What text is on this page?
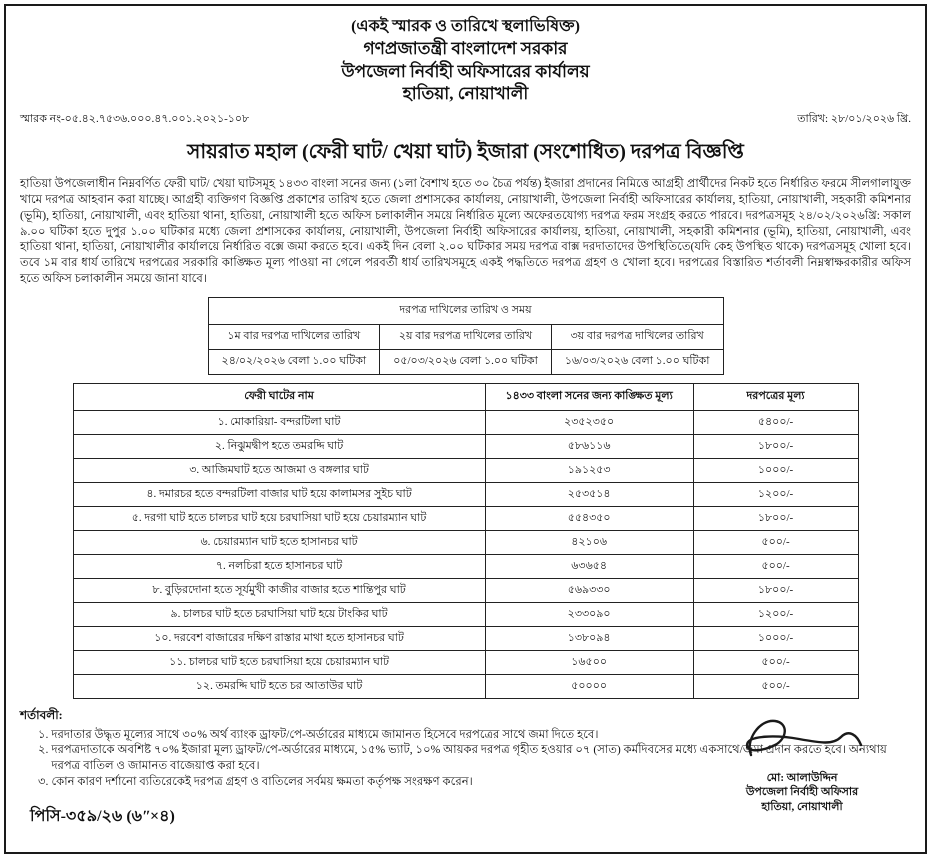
(একই স্মারক ও তারিখে স্থলাভিষিক্ত)
গণপ্রজাতন্ত্রী বাংলাদেশ সরকার
উপজেলা নির্বাহী অফিসারের কার্যালয়
হাতিয়া, নোয়াখালী
স্মারক নং-০৫.৪২.৭৫৩৬.০০০.৪৭.০০১.২০২১-১০৮	তারিখ: ২৮/০১/২০২৬ খ্রি.
সায়রাত মহাল (ফেরী ঘাট/ খেয়া ঘাট) ইজারা (সংশোধিত) দরপত্র বিজ্ঞপ্তি
হাতিয়া উপজেলাধীন নিম্নবর্ণিত ফেরী ঘাট/ খেয়া ঘাটসমূহ ১৪৩৩ বাংলা সনের জন্য (১লা বৈশাখ হতে ৩০ চৈত্র পর্যন্ত) ইজারা প্রদানের নিমিত্তে আগ্রহী প্রার্থীদের নিকট হতে নির্ধারিত ফরমে সীলগালাযুক্ত খামে দরপত্র আহবান করা যাচ্ছে। আগ্রহী ব্যক্তিগণ বিজ্ঞপ্তি প্রকাশের তারিখ হতে জেলা প্রশাসকের কার্যালয়, নোয়াখালী, উপজেলা নির্বাহী অফিসারের কার্যালয়, হাতিয়া, নোয়াখালী, সহকারী কমিশনার (ভূমি), হাতিয়া, নোয়াখালী, এবং হাতিয়া থানা, হাতিয়া, নোয়াখালী হতে অফিস চলাকালীন সময়ে নির্ধারিত মূল্যে অফেরতযোগ্য দরপত্র ফরম সংগ্রহ করতে পারবে। দরপত্রসমূহ ২৪/০২/২০২৬খ্রি: সকাল ৯.০০ ঘটিকা হতে দুপুর ১.০০ ঘটিকার মধ্যে জেলা প্রশাসকের কার্যালয়, নোয়াখালী, উপজেলা নির্বাহী অফিসারের কার্যালয়, হাতিয়া, নোয়াখালী, সহকারী কমিশনার (ভূমি), হাতিয়া, নোয়াখালী, এবং হাতিয়া থানা, হাতিয়া, নোয়াখালীর কার্যালয়ে নির্ধারিত বক্সে জমা করতে হবে। একই দিন বেলা ২.০০ ঘটিকার সময় দরপত্র বাক্স দরদাতাদের উপস্থিতিতে(যদি কেহ উপস্থিত থাকে) দরপত্রসমূহ খোলা হবে। তবে ১ম বার ধার্য তারিখে দরপত্রের সরকারি কাঙ্ক্ষিত মূল্য পাওয়া না গেলে পরবর্তী ধার্য তারিখসমূহে একই পদ্ধতিতে দরপত্র গ্রহণ ও খোলা হবে। দরপত্রের বিস্তারিত শর্তাবলী নিম্নস্বাক্ষরকারীর অফিস হতে অফিস চলাকালীন সময়ে জানা যাবে।
দরপত্র দাখিলের তারিখ ও সময়		
১ম বার দরপত্র দাখিলের তারিখ	২য় বার দরপত্র দাখিলের তারিখ	৩য় বার দরপত্র দাখিলের তারিখ
২৪/০২/২০২৬ বেলা ১.০০ ঘটিকা	০৫/০৩/২০২৬ বেলা ১.০০ ঘটিকা	১৬/০৩/২০২৬ বেলা ১.০০ ঘটিকা
ফেরী ঘাটের নাম	১৪৩৩ বাংলা সনের জন্য কাঙ্ক্ষিত মূল্য	দরপত্রের মূল্য
১. মোকারিয়া- বন্দরটিলা ঘাট	২৩৫২৩৫০	৫৪০০/-
২. নিঝুমদ্বীপ হতে তমরদ্দি ঘাট	৫৮৬১১৬	১৮০০/-
৩. আজিমঘাট হতে আজমা ও বঙ্গলার ঘাট	১৯১২৫৩	১০০০/-
৪. দমারচর হতে বন্দরটিলা বাজার ঘাট হয়ে কালামসর সুইচ ঘাট	২৫৩৫১৪	১২০০/-
৫. দরগা ঘাট হতে চালচর ঘাট হয়ে চরঘাসিয়া ঘাট হয়ে চেয়ারম্যান ঘাট	৫৫৪৩৫০	১৮০০/-
৬. চেয়ারম্যান ঘাট হতে হাসানচর ঘাট	৪২১০৬	৫০০/-
৭. নলচিরা হতে হাসানচর ঘাট	৬৩৬৫৪	৫০০/-
৮. বুড়িরদোনা হতে সূর্যমুখী কাজীর বাজার হতে শান্তিপুর ঘাট	৫৬৯৩৩০	১৮০০/-
৯. চালচর ঘাট হতে চরঘাসিয়া ঘাট হয়ে টাংকির ঘাট	২৩৩০৯০	১২০০/-
১০. দরবেশ বাজারের দক্ষিণ রাস্তার মাথা হতে হাসানচর ঘাট	১৩৮০৯৪	১০০০/-
১১. চালচর ঘাট হতে চরঘাসিয়া হয়ে চেয়ারম্যান ঘাট	১৬৫০০	৫০০/-
১২. তমরদ্দি ঘাট হতে চর আতাউর ঘাট	৫০০০০	৫০০/-
শর্তাবলী:
১. দরদাতার উদ্ধৃত মূল্যের সাথে ৩০% অর্থ ব্যাংক ড্রাফট/পে-অর্ডারের মাধ্যমে জামানত হিসেবে দরপত্রের সাথে জমা দিতে হবে।
২. দরপত্রদাতাকে অবশিষ্ট ৭০% ইজারা মূল্য ড্রাফট/পে-অর্ডারের মাধ্যমে, ১৫% ভ্যাট, ১০% আয়কর দরপত্র গৃহীত হওয়ার ০৭ (সাত) কর্মদিবসের মধ্যে একসাথে/জমা প্রদান করতে হবে। অন্যথায় দরপত্র বাতিল ও জামানত বাজেয়াপ্ত করা হবে।
৩. কোন কারণ দর্শানো ব্যতিরেকেই দরপত্র গ্রহণ ও বাতিলের সর্বময় ক্ষমতা কর্তৃপক্ষ সংরক্ষণ করেন।	মো: আলাউদ্দিন
উপজেলা নির্বাহী অফিসার
হাতিয়া, নোয়াখালী
পিসি-৩৫৯/২৬ (৬ʺ×৪)
